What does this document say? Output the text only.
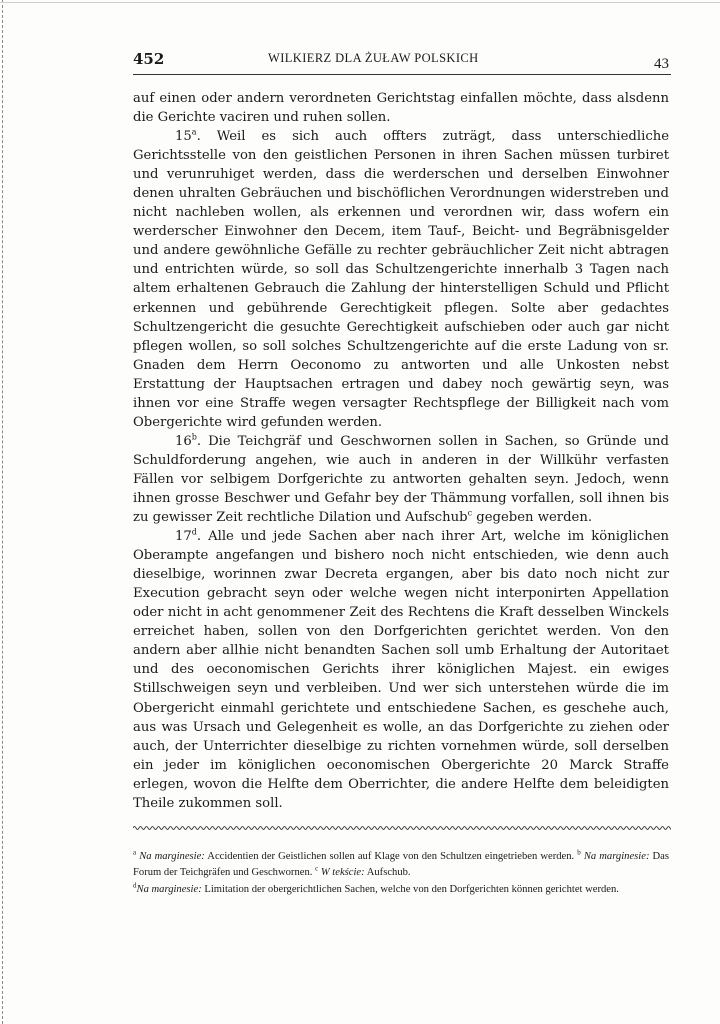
452	WILKIERZ DLA ŻUŁAW POLSKICH	43

auf einen oder andern verordneten Gerichtstag einfallen möchte, dass alsdenn die Gerichte vaciren und ruhen sollen.

15$^a$. Weil es sich auch offters zuträgt, dass unterschiedliche Gerichtsstelle von den geistlichen Personen in ihren Sachen müssen turbiret und verunruhiget werden, dass die werderschen und derselben Einwohner denen uhralten Gebräuchen und bischöflichen Verordnungen widerstreben und nicht nachleben wollen, als erkennen und verordnen wir, dass wofern ein werderscher Einwohner den Decem, item Tauf-, Beicht- und Begräbnisgelder und andere gewöhnliche Gefälle zu rechter gebräuchlicher Zeit nicht abtragen und entrichten würde, so soll das Schultzengerichte innerhalb 3 Tagen nach altem erhaltenen Gebrauch die Zahlung der hinterstelligen Schuld und Pflicht erkennen und gebührende Gerechtigkeit pflegen. Solte aber gedachtes Schultzengericht die gesuchte Gerechtigkeit aufschieben oder auch gar nicht pflegen wollen, so soll solches Schultzengerichte auf die erste Ladung von sr. Gnaden dem Herrn Oeconomo zu antworten und alle Unkosten nebst Erstattung der Hauptsachen ertragen und dabey noch gewärtig seyn, was ihnen vor eine Straffe wegen versagter Rechtspflege der Billigkeit nach vom Obergerichte wird gefunden werden.

16$^b$. Die Teichgräf und Geschwornen sollen in Sachen, so Gründe und Schuldforderung angehen, wie auch in anderen in der Willkühr verfasten Fällen vor selbigem Dorfgerichte zu antworten gehalten seyn. Jedoch, wenn ihnen grosse Beschwer und Gefahr bey der Thämmung vorfallen, soll ihnen bis zu gewisser Zeit rechtliche Dilation und Aufschub$^c$ gegeben werden.

17$^d$. Alle und jede Sachen aber nach ihrer Art, welche im königlichen Oberampte angefangen und bishero noch nicht entschieden, wie denn auch dieselbige, worinnen zwar Decreta ergangen, aber bis dato noch nicht zur Execution gebracht seyn oder welche wegen nicht interponirten Appellation oder nicht in acht genommener Zeit des Rechtens die Kraft desselben Winckels erreichet haben, sollen von den Dorfgerichten gerichtet werden. Von den andern aber allhie nicht benandten Sachen soll umb Erhaltung der Autoritaet und des oeconomischen Gerichts ihrer königlichen Majest. ein ewiges Stillschweigen seyn und verbleiben. Und wer sich unterstehen würde die im Obergericht einmahl gerichtete und entschiedene Sachen, es geschehe auch, aus was Ursach und Gelegenheit es wolle, an das Dorfgerichte zu ziehen oder auch, der Unterrichter dieselbige zu richten vornehmen würde, soll derselben ein jeder im königlichen oeconomischen Obergerichte 20 Marck Straffe erlegen, wovon die Helfte dem Oberrichter, die andere Helfte dem beleidigten Theile zukommen soll.

$^a$ Na marginesie: Accidentien der Geistlichen sollen auf Klage von den Schultzen eingetrieben werden. $^b$ Na marginesie: Das Forum der Teichgräfen und Geschwornen. $^c$ W tekście: Aufschub.
$^d$Na marginesie: Limitation der obergerichtlichen Sachen, welche von den Dorfgerichten können gerichtet werden.
